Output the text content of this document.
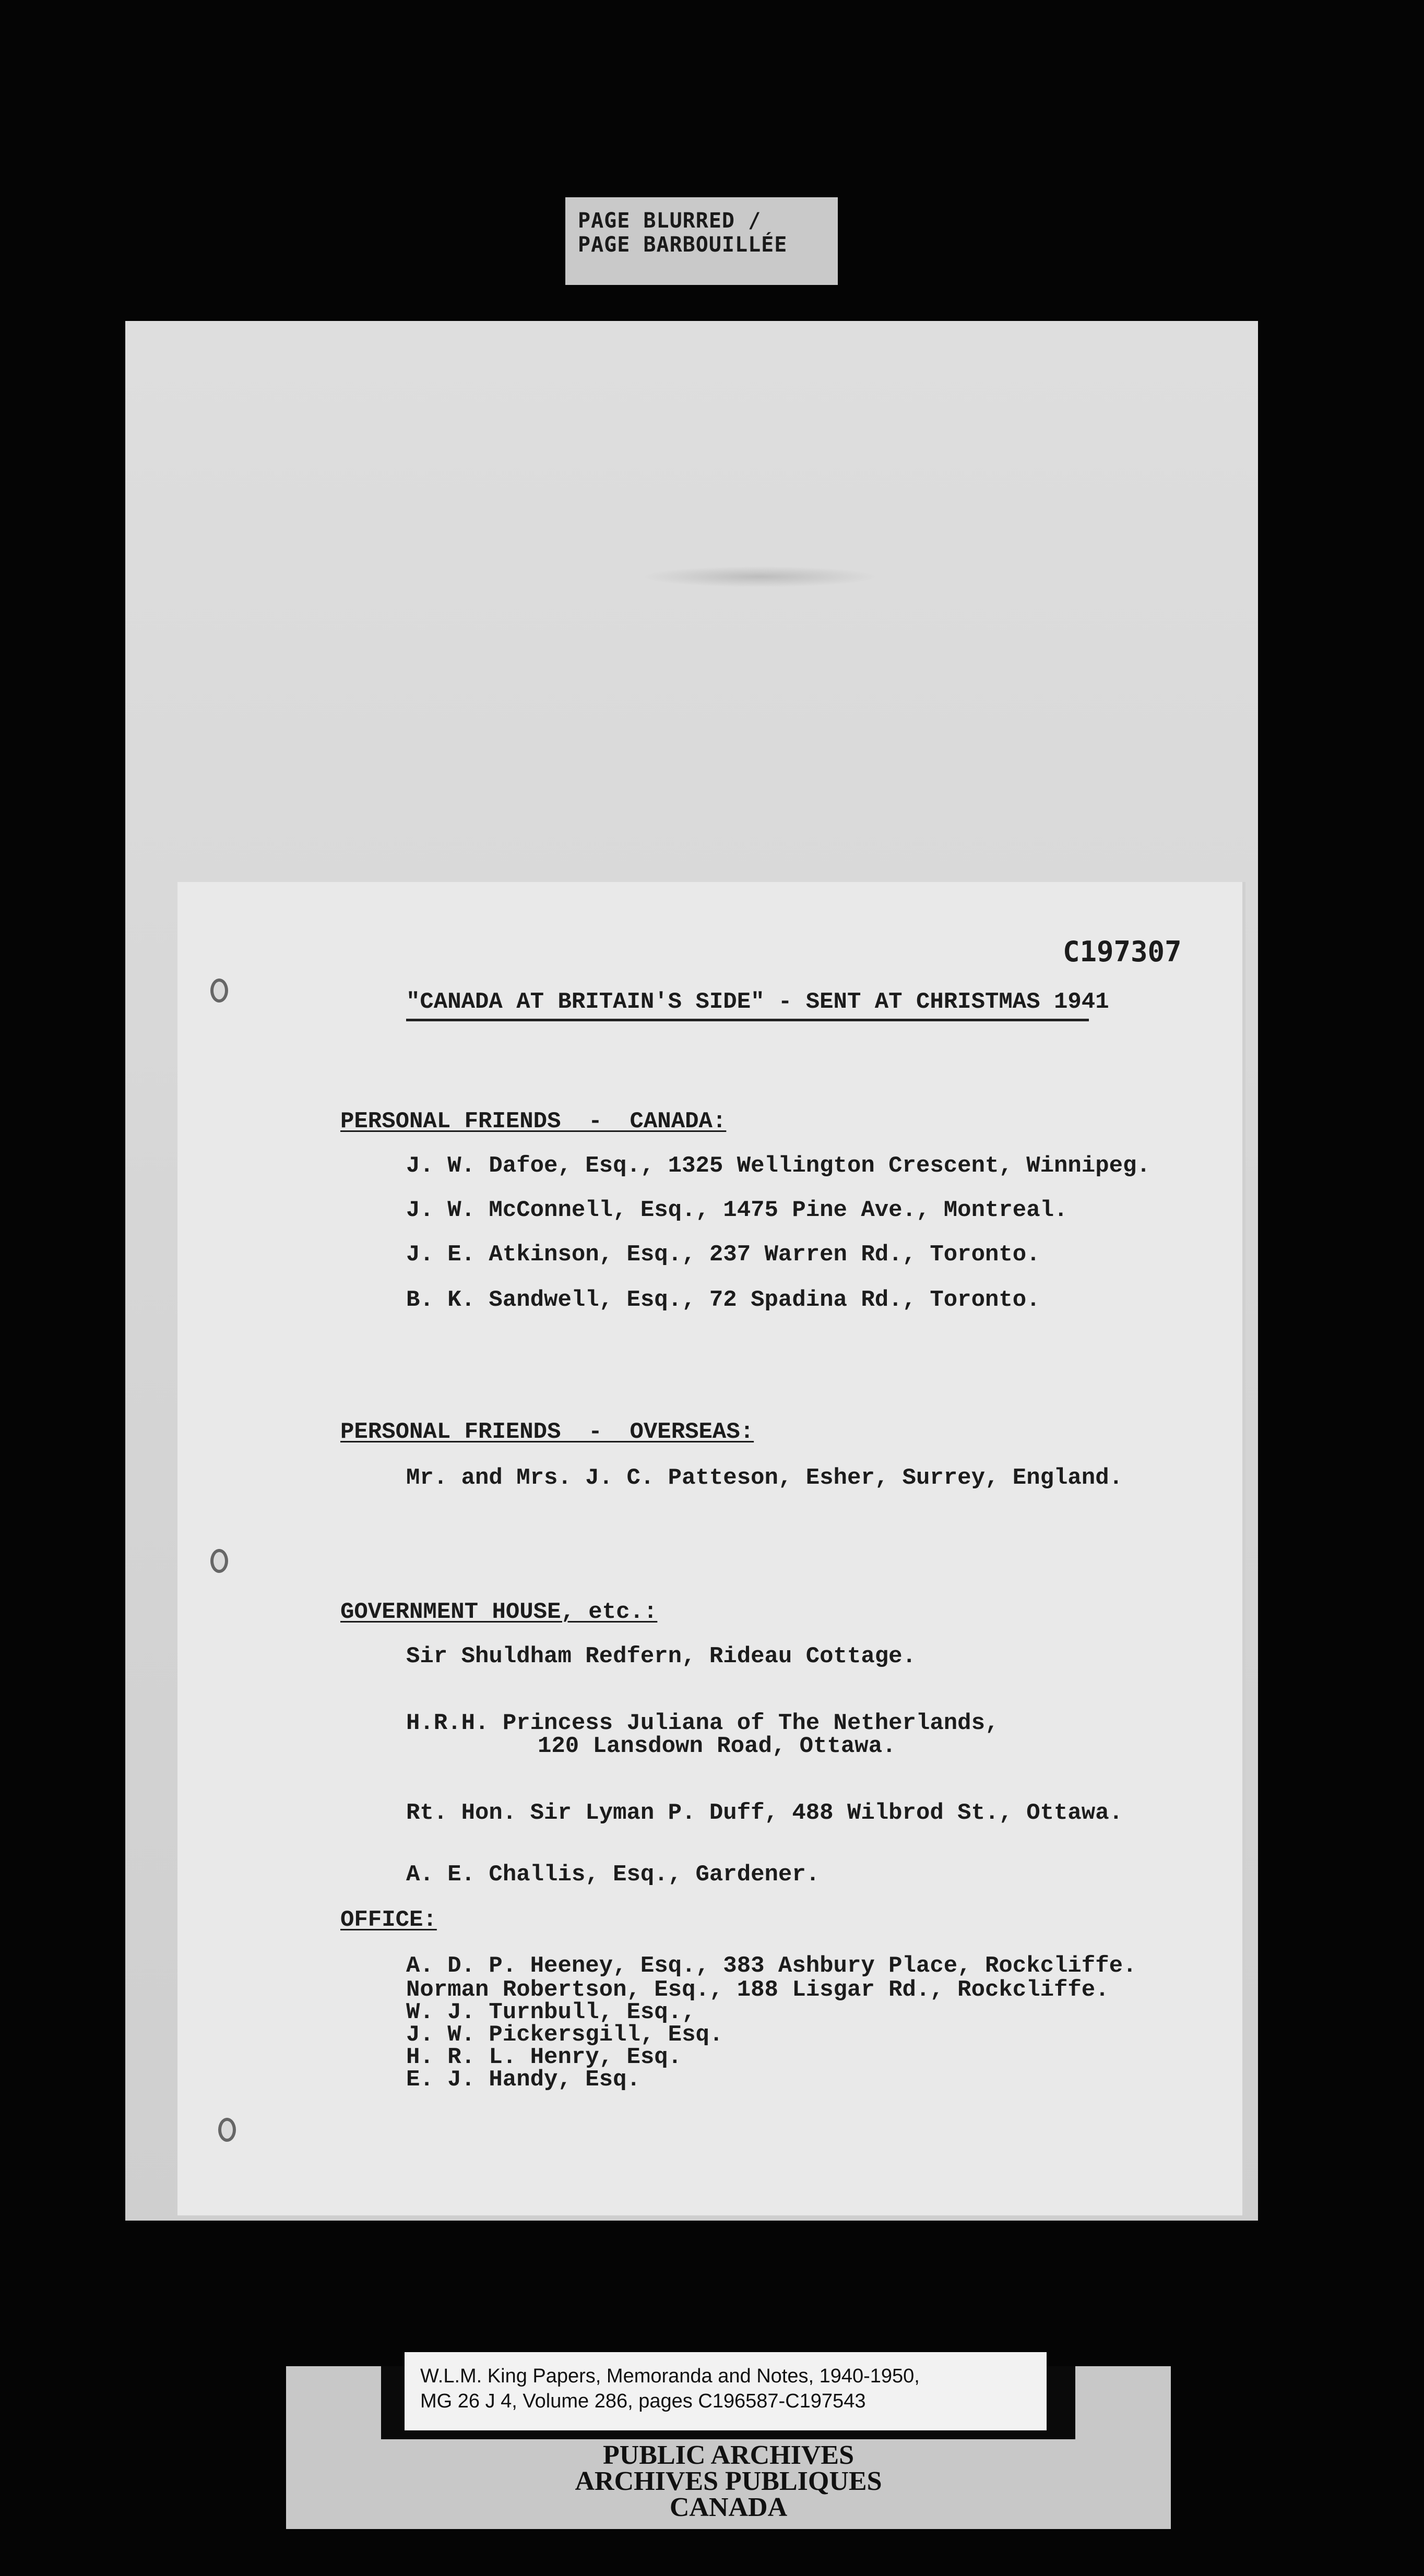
PAGE BLURRED /
PAGE BARBOUILLÉE
C197307
"CANADA AT BRITAIN'S SIDE" - SENT AT CHRISTMAS 1941
PERSONAL FRIENDS  -  CANADA:
J. W. Dafoe, Esq., 1325 Wellington Crescent, Winnipeg.
J. W. McConnell, Esq., 1475 Pine Ave., Montreal.
J. E. Atkinson, Esq., 237 Warren Rd., Toronto.
B. K. Sandwell, Esq., 72 Spadina Rd., Toronto.
PERSONAL FRIENDS  -  OVERSEAS:
Mr. and Mrs. J. C. Patteson, Esher, Surrey, England.
GOVERNMENT HOUSE, etc.:
Sir Shuldham Redfern, Rideau Cottage.
H.R.H. Princess Juliana of The Netherlands,
120 Lansdown Road, Ottawa.
Rt. Hon. Sir Lyman P. Duff, 488 Wilbrod St., Ottawa.
A. E. Challis, Esq., Gardener.
OFFICE:
A. D. P. Heeney, Esq., 383 Ashbury Place, Rockcliffe.
Norman Robertson, Esq., 188 Lisgar Rd., Rockcliffe.
W. J. Turnbull, Esq.,
J. W. Pickersgill, Esq.
H. R. L. Henry, Esq.
E. J. Handy, Esq.
W.L.M. King Papers, Memoranda and Notes, 1940-1950,
MG 26 J 4, Volume 286, pages C196587-C197543
PUBLIC ARCHIVES
ARCHIVES PUBLIQUES
CANADA
